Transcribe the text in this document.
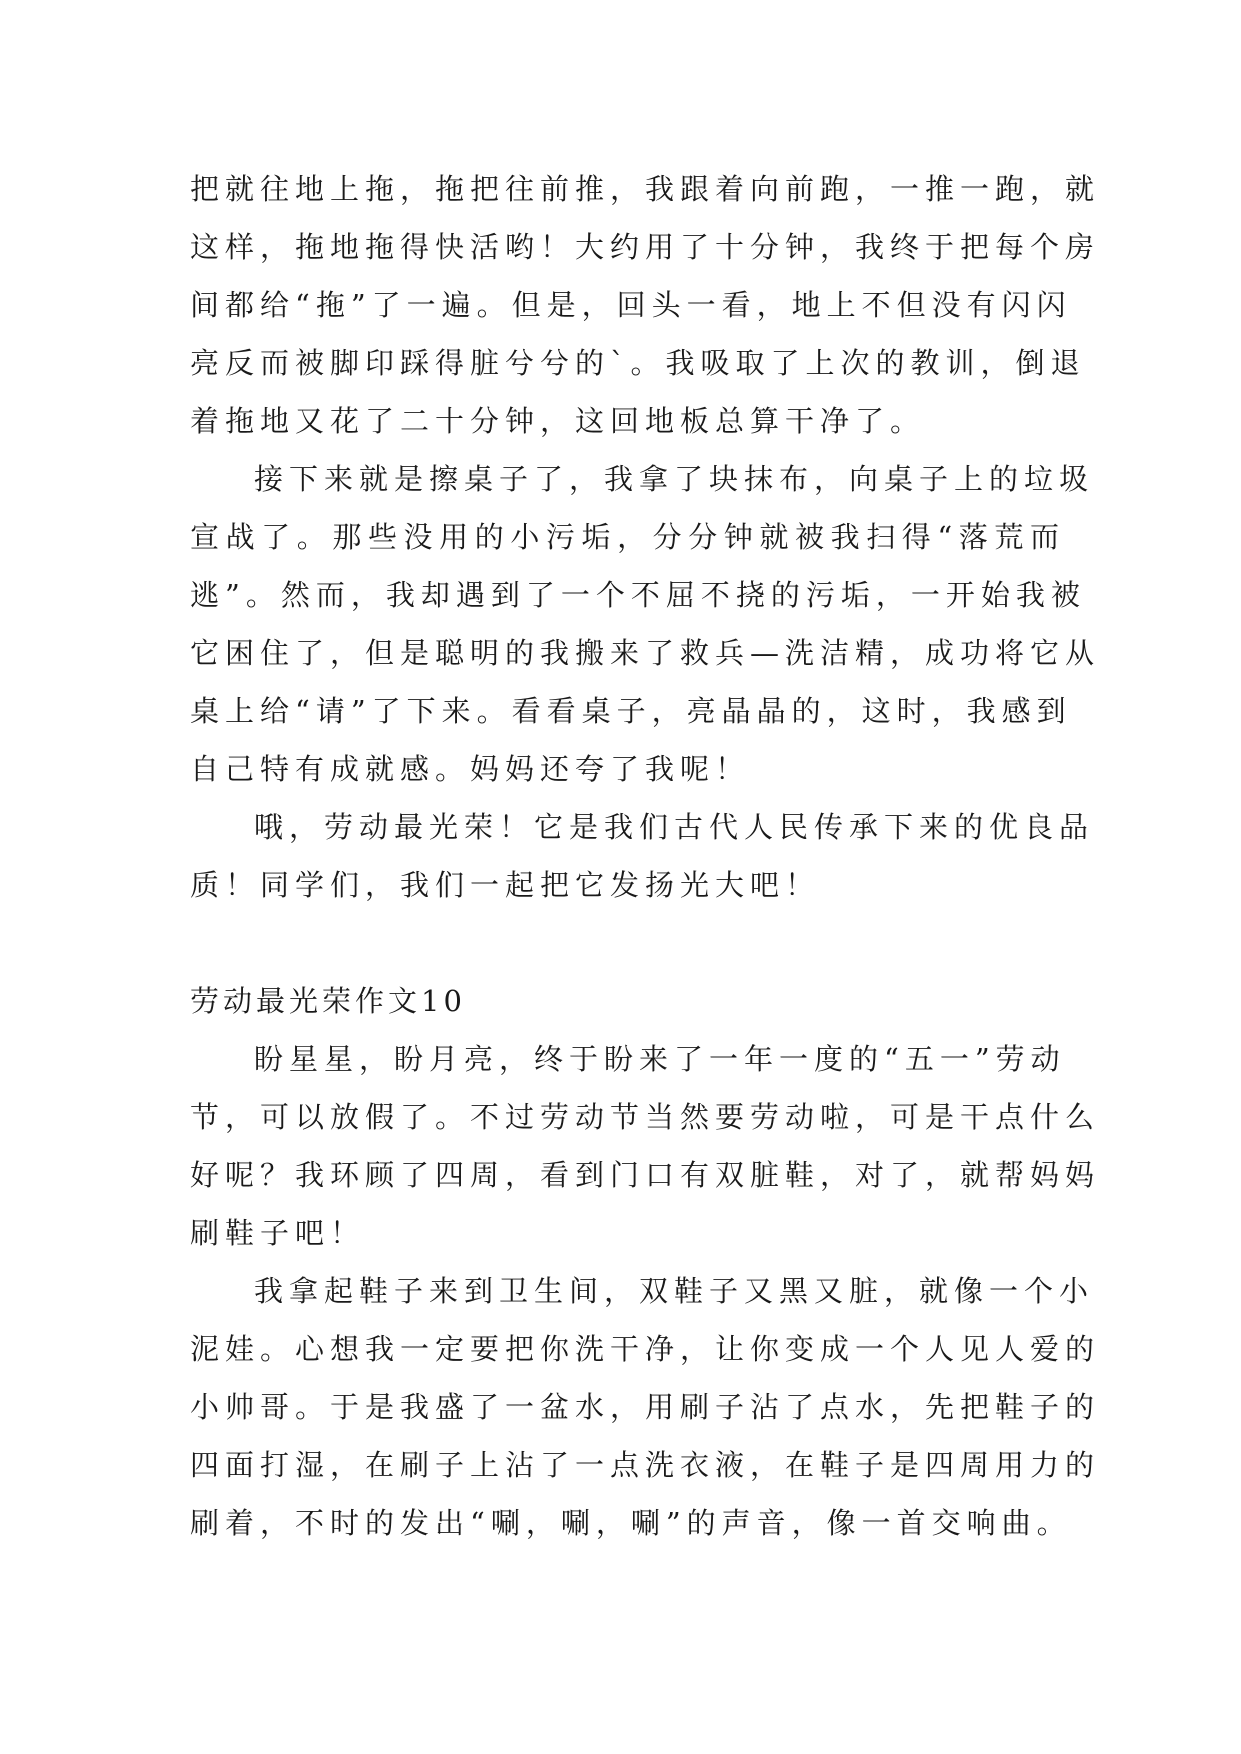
把就往地上拖，拖把往前推，我跟着向前跑，一推一跑，就
这样，拖地拖得快活哟！大约用了十分钟，我终于把每个房
间都给“拖”了一遍。但是，回头一看，地上不但没有闪闪
亮反而被脚印踩得脏兮兮的`。我吸取了上次的教训，倒退
着拖地又花了二十分钟，这回地板总算干净了。
接下来就是擦桌子了，我拿了块抹布，向桌子上的垃圾
宣战了。那些没用的小污垢，分分钟就被我扫得“落荒而
逃”。然而，我却遇到了一个不屈不挠的污垢，一开始我被
它困住了，但是聪明的我搬来了救兵—洗洁精，成功将它从
桌上给“请”了下来。看看桌子，亮晶晶的，这时，我感到
自己特有成就感。妈妈还夸了我呢！
哦，劳动最光荣！它是我们古代人民传承下来的优良品
质！同学们，我们一起把它发扬光大吧！
劳动最光荣作文10
盼星星，盼月亮，终于盼来了一年一度的“五一”劳动
节，可以放假了。不过劳动节当然要劳动啦，可是干点什么
好呢？我环顾了四周，看到门口有双脏鞋，对了，就帮妈妈
刷鞋子吧！
我拿起鞋子来到卫生间，双鞋子又黑又脏，就像一个小
泥娃。心想我一定要把你洗干净，让你变成一个人见人爱的
小帅哥。于是我盛了一盆水，用刷子沾了点水，先把鞋子的
四面打湿，在刷子上沾了一点洗衣液，在鞋子是四周用力的
刷着，不时的发出“唰，唰，唰”的声音，像一首交响曲。
